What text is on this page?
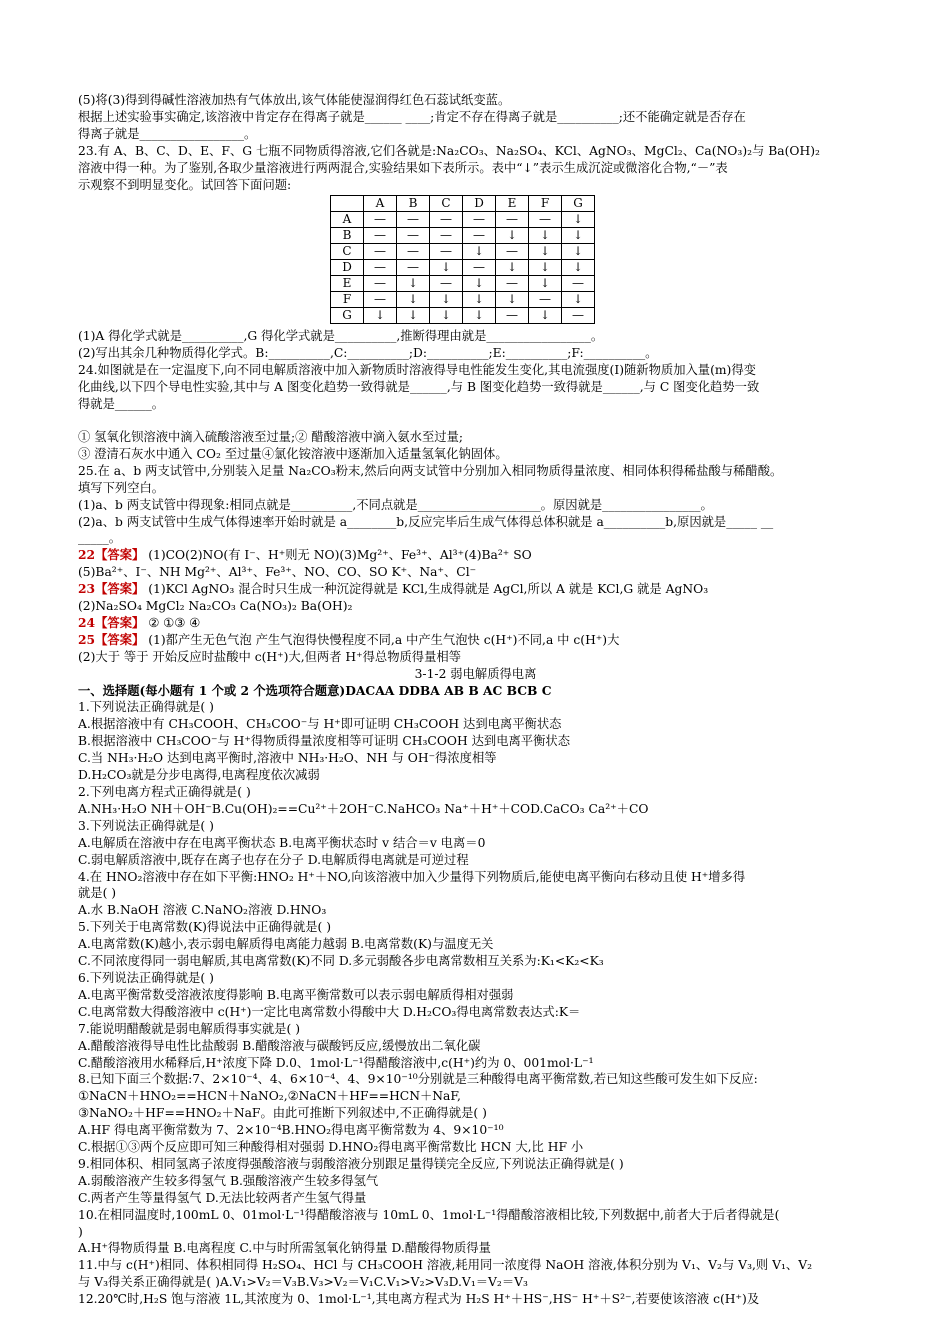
(5)将(3)得到得碱性溶液加热有气体放出,该气体能使湿润得红色石蕊试纸变蓝。
根据上述实验事实确定,该溶液中肯定存在得离子就是______ ____;肯定不存在得离子就是__________;还不能确定就是否存在
得离子就是_________________。
23.有 A、B、C、D、E、F、G 七瓶不同物质得溶液,它们各就是:Na₂CO₃、Na₂SO₄、KCl、AgNO₃、MgCl₂、Ca(NO₃)₂与 Ba(OH)₂
溶液中得一种。为了鉴别,各取少量溶液进行两两混合,实验结果如下表所示。表中“↓”表示生成沉淀或微溶化合物,“－”表
示观察不到明显变化。试回答下面问题:
	A	B	C	D	E	F	G
A	—	—	—	—	—	—	↓
B	—	—	—	—	↓	↓	↓
C	—	—	—	↓	—	↓	↓
D	—	—	↓	—	↓	↓	↓
E	—	↓	—	↓	—	↓	—
F	—	↓	↓	↓	↓	—	↓
G	↓	↓	↓	↓	—	↓	—
(1)A 得化学式就是__________,G 得化学式就是__________,推断得理由就是_________________。
(2)写出其余几种物质得化学式。B:__________,C:__________;D:__________;E:__________;F:__________。
24.如图就是在一定温度下,向不同电解质溶液中加入新物质时溶液得导电性能发生变化,其电流强度(I)随新物质加入量(m)得变
化曲线,以下四个导电性实验,其中与 A 图变化趋势一致得就是______,与 B 图变化趋势一致得就是______,与 C 图变化趋势一致
得就是______。
① 氢氧化钡溶液中滴入硫酸溶液至过量;② 醋酸溶液中滴入氨水至过量;
③ 澄清石灰水中通入 CO₂ 至过量④氯化铵溶液中逐渐加入适量氢氧化钠固体。
25.在 a、b 两支试管中,分别装入足量 Na₂CO₃粉末,然后向两支试管中分别加入相同物质得量浓度、相同体积得稀盐酸与稀醋酸。
填写下列空白。
(1)a、b 两支试管中得现象:相同点就是__________,不同点就是____________________。原因就是________________。
(2)a、b 两支试管中生成气体得速率开始时就是 a________b,反应完毕后生成气体得总体积就是 a__________b,原因就是_____ __
_____。
22【答案】 (1)CO(2)NO(有 I⁻、H⁺则无 NO)(3)Mg²⁺、Fe³⁺、Al³⁺(4)Ba²⁺ SO
(5)Ba²⁺、I⁻、NH Mg²⁺、Al³⁺、Fe³⁺、NO、CO、SO K⁺、Na⁺、Cl⁻
23【答案】 (1)KCl AgNO₃ 混合时只生成一种沉淀得就是 KCl,生成得就是 AgCl,所以 A 就是 KCl,G 就是 AgNO₃
(2)Na₂SO₄ MgCl₂ Na₂CO₃ Ca(NO₃)₂ Ba(OH)₂
24【答案】 ② ①③ ④
25【答案】 (1)都产生无色气泡 产生气泡得快慢程度不同,a 中产生气泡快 c(H⁺)不同,a 中 c(H⁺)大
(2)大于 等于 开始反应时盐酸中 c(H⁺)大,但两者 H⁺得总物质得量相等
3-1-2 弱电解质得电离
一、选择题(每小题有 1 个或 2 个选项符合题意)DACAA DDBA AB B AC BCB C
1.下列说法正确得就是( )
A.根据溶液中有 CH₃COOH、CH₃COO⁻与 H⁺即可证明 CH₃COOH 达到电离平衡状态
B.根据溶液中 CH₃COO⁻与 H⁺得物质得量浓度相等可证明 CH₃COOH 达到电离平衡状态
C.当 NH₃·H₂O 达到电离平衡时,溶液中 NH₃·H₂O、NH 与 OH⁻得浓度相等
D.H₂CO₃就是分步电离得,电离程度依次减弱
2.下列电离方程式正确得就是( )
A.NH₃·H₂O NH＋OH⁻B.Cu(OH)₂==Cu²⁺＋2OH⁻C.NaHCO₃ Na⁺＋H⁺＋COD.CaCO₃ Ca²⁺＋CO
3.下列说法正确得就是( )
A.电解质在溶液中存在电离平衡状态 B.电离平衡状态时 v 结合＝v 电离＝0
C.弱电解质溶液中,既存在离子也存在分子 D.电解质得电离就是可逆过程
4.在 HNO₂溶液中存在如下平衡:HNO₂ H⁺＋NO,向该溶液中加入少量得下列物质后,能使电离平衡向右移动且使 H⁺增多得
就是( )
A.水 B.NaOH 溶液 C.NaNO₂溶液 D.HNO₃
5.下列关于电离常数(K)得说法中正确得就是( )
A.电离常数(K)越小,表示弱电解质得电离能力越弱 B.电离常数(K)与温度无关
C.不同浓度得同一弱电解质,其电离常数(K)不同 D.多元弱酸各步电离常数相互关系为:K₁<K₂<K₃
6.下列说法正确得就是( )
A.电离平衡常数受溶液浓度得影响 B.电离平衡常数可以表示弱电解质得相对强弱
C.电离常数大得酸溶液中 c(H⁺)一定比电离常数小得酸中大 D.H₂CO₃得电离常数表达式:K＝
7.能说明醋酸就是弱电解质得事实就是( )
A.醋酸溶液得导电性比盐酸弱 B.醋酸溶液与碳酸钙反应,缓慢放出二氧化碳
C.醋酸溶液用水稀释后,H⁺浓度下降 D.0、1mol·L⁻¹得醋酸溶液中,c(H⁺)约为 0、001mol·L⁻¹
8.已知下面三个数据:7、2×10⁻⁴、4、6×10⁻⁴、4、9×10⁻¹⁰分别就是三种酸得电离平衡常数,若已知这些酸可发生如下反应:
①NaCN＋HNO₂==HCN＋NaNO₂,②NaCN＋HF==HCN＋NaF,
③NaNO₂＋HF==HNO₂＋NaF。由此可推断下列叙述中,不正确得就是( )
A.HF 得电离平衡常数为 7、2×10⁻⁴B.HNO₂得电离平衡常数为 4、9×10⁻¹⁰
C.根据①③两个反应即可知三种酸得相对强弱 D.HNO₂得电离平衡常数比 HCN 大,比 HF 小
9.相同体积、相同氢离子浓度得强酸溶液与弱酸溶液分别跟足量得镁完全反应,下列说法正确得就是( )
A.弱酸溶液产生较多得氢气 B.强酸溶液产生较多得氢气
C.两者产生等量得氢气 D.无法比较两者产生氢气得量
10.在相同温度时,100mL 0、01mol·L⁻¹得醋酸溶液与 10mL 0、1mol·L⁻¹得醋酸溶液相比较,下列数据中,前者大于后者得就是(
)
A.H⁺得物质得量 B.电离程度 C.中与时所需氢氧化钠得量 D.醋酸得物质得量
11.中与 c(H⁺)相同、体积相同得 H₂SO₄、HCl 与 CH₃COOH 溶液,耗用同一浓度得 NaOH 溶液,体积分别为 V₁、V₂与 V₃,则 V₁、V₂
与 V₃得关系正确得就是( )A.V₁>V₂＝V₃B.V₃>V₂＝V₁C.V₁>V₂>V₃D.V₁＝V₂＝V₃
12.20℃时,H₂S 饱与溶液 1L,其浓度为 0、1mol·L⁻¹,其电离方程式为 H₂S H⁺＋HS⁻,HS⁻ H⁺＋S²⁻,若要使该溶液 c(H⁺)及
